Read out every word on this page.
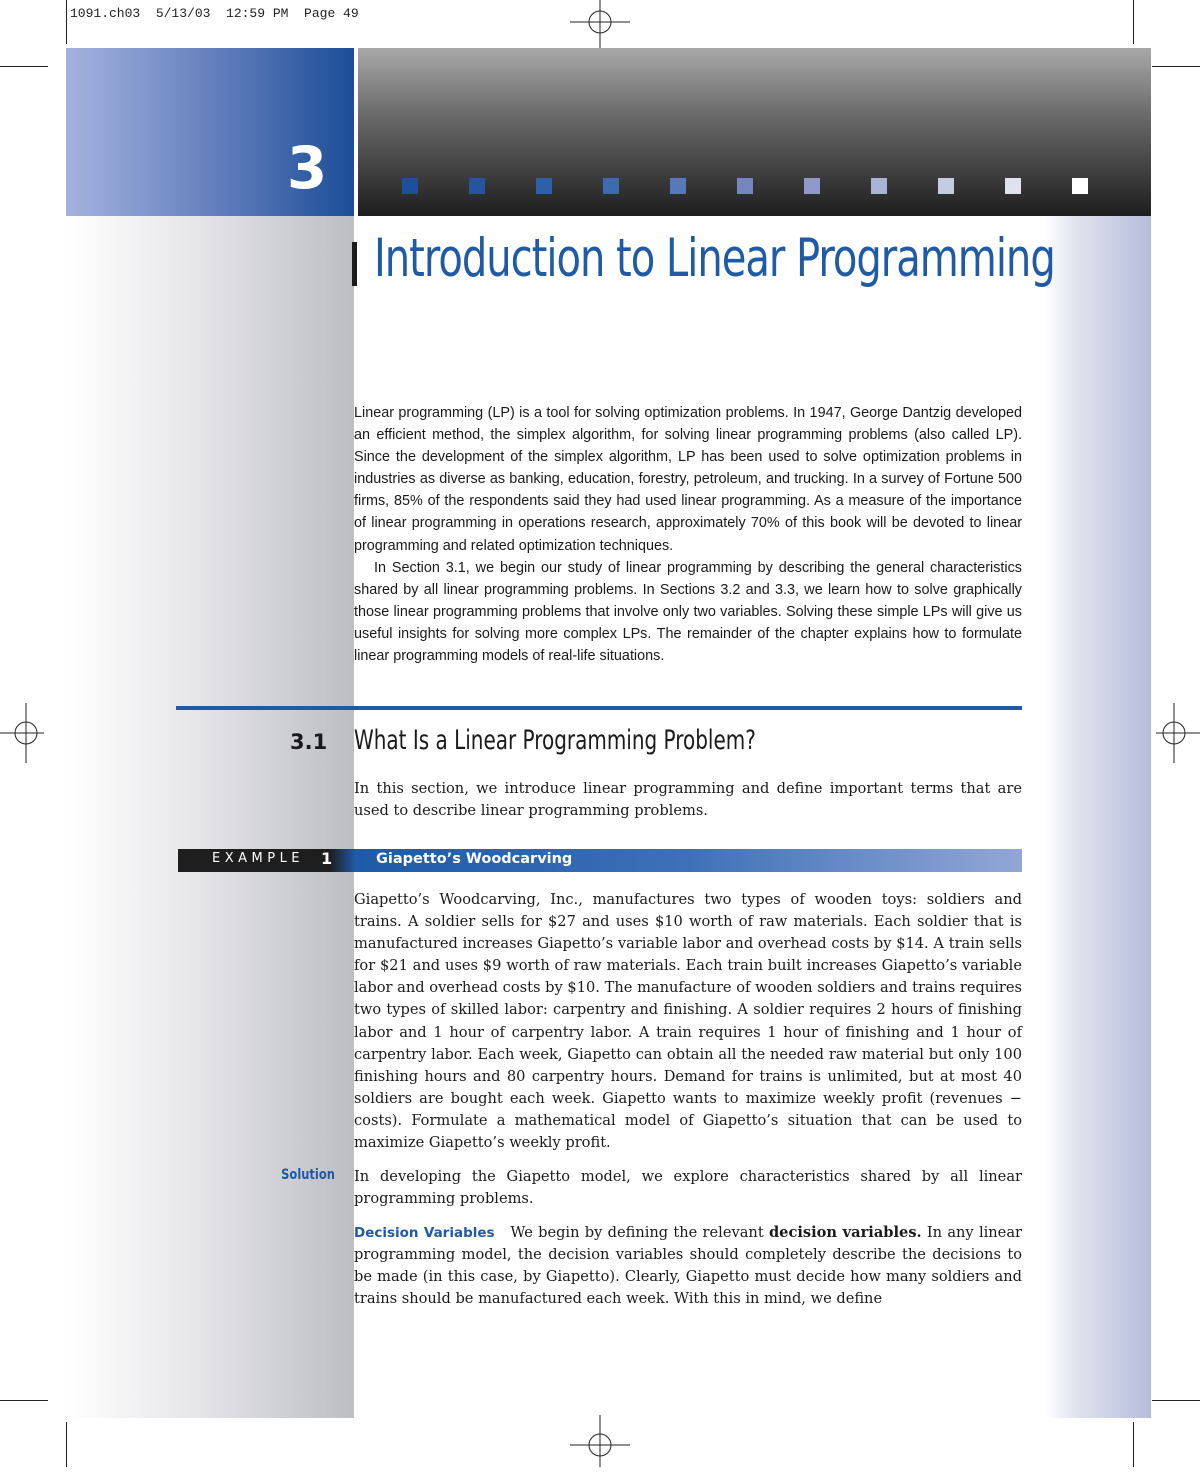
1091.ch03  5/13/03  12:59 PM  Page 49
3
Introduction to Linear Programming

Linear programming (LP) is a tool for solving optimization problems. In 1947, George Dantzig developed an efficient method, the simplex algorithm, for solving linear programming problems (also called LP). Since the development of the simplex algorithm, LP has been used to solve optimization problems in industries as diverse as banking, education, forestry, petroleum, and trucking. In a survey of Fortune 500 firms, 85% of the respondents said they had used linear programming. As a measure of the importance of linear programming in operations research, approximately 70% of this book will be devoted to linear programming and related optimization techniques.

In Section 3.1, we begin our study of linear programming by describing the general characteristics shared by all linear programming problems. In Sections 3.2 and 3.3, we learn how to solve graphically those linear programming problems that involve only two variables. Solving these simple LPs will give us useful insights for solving more complex LPs. The remainder of the chapter explains how to formulate linear programming models of real-life situations.

3.1 What Is a Linear Programming Problem?

In this section, we introduce linear programming and define important terms that are used to describe linear programming problems.

EXAMPLE 1	Giapetto’s Woodcarving

Giapetto’s Woodcarving, Inc., manufactures two types of wooden toys: soldiers and trains. A soldier sells for $27 and uses $10 worth of raw materials. Each soldier that is manufactured increases Giapetto’s variable labor and overhead costs by $14. A train sells for $21 and uses $9 worth of raw materials. Each train built increases Giapetto’s variable labor and overhead costs by $10. The manufacture of wooden soldiers and trains requires two types of skilled labor: carpentry and finishing. A soldier requires 2 hours of finishing labor and 1 hour of carpentry labor. A train requires 1 hour of finishing and 1 hour of carpentry labor. Each week, Giapetto can obtain all the needed raw material but only 100 finishing hours and 80 carpentry hours. Demand for trains is unlimited, but at most 40 soldiers are bought each week. Giapetto wants to maximize weekly profit (revenues − costs). Formulate a mathematical model of Giapetto’s situation that can be used to maximize Giapetto’s weekly profit.

Solution In developing the Giapetto model, we explore characteristics shared by all linear programming problems.

Decision Variables We begin by defining the relevant decision variables. In any linear programming model, the decision variables should completely describe the decisions to be made (in this case, by Giapetto). Clearly, Giapetto must decide how many soldiers and trains should be manufactured each week. With this in mind, we define
